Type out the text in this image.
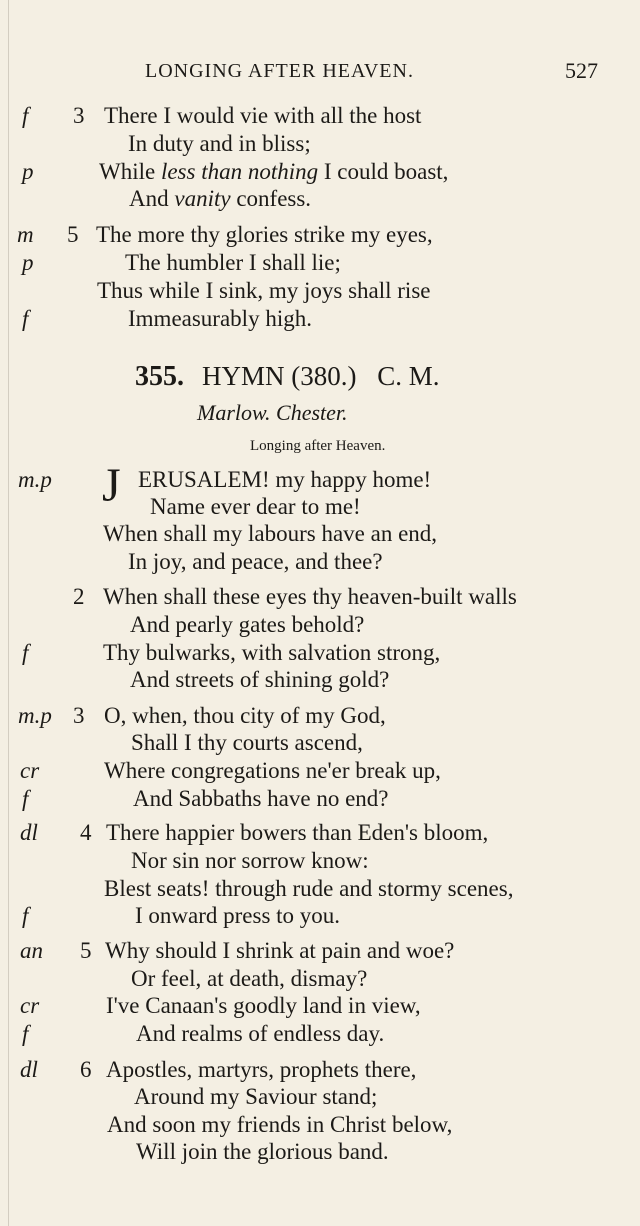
LONGING AFTER HEAVEN.	527
f 3 There I would vie with all the host
In duty and in bliss;
p	While less than nothing I could boast,
And vanity confess.
m 5 The more thy glories strike my eyes,
p	The humbler I shall lie;
Thus while I sink, my joys shall rise
f	Immeasurably high.
355. HYMN (380.) C. M.
Marlow. Chester.
Longing after Heaven.
m.p J ERUSALEM! my happy home!
Name ever dear to me!
When shall my labours have an end,
In joy, and peace, and thee?
2 When shall these eyes thy heaven-built walls
And pearly gates behold?
f	Thy bulwarks, with salvation strong,
And streets of shining gold?
m.p 3 O, when, thou city of my God,
Shall I thy courts ascend,
cr	Where congregations ne'er break up,
f	And Sabbaths have no end?
dl 4 There happier bowers than Eden's bloom,
Nor sin nor sorrow know:
Blest seats! through rude and stormy scenes,
f	I onward press to you.
an 5 Why should I shrink at pain and woe?
Or feel, at death, dismay?
cr	I've Canaan's goodly land in view,
f	And realms of endless day.
dl 6 Apostles, martyrs, prophets there,
Around my Saviour stand;
And soon my friends in Christ below,
Will join the glorious band.
